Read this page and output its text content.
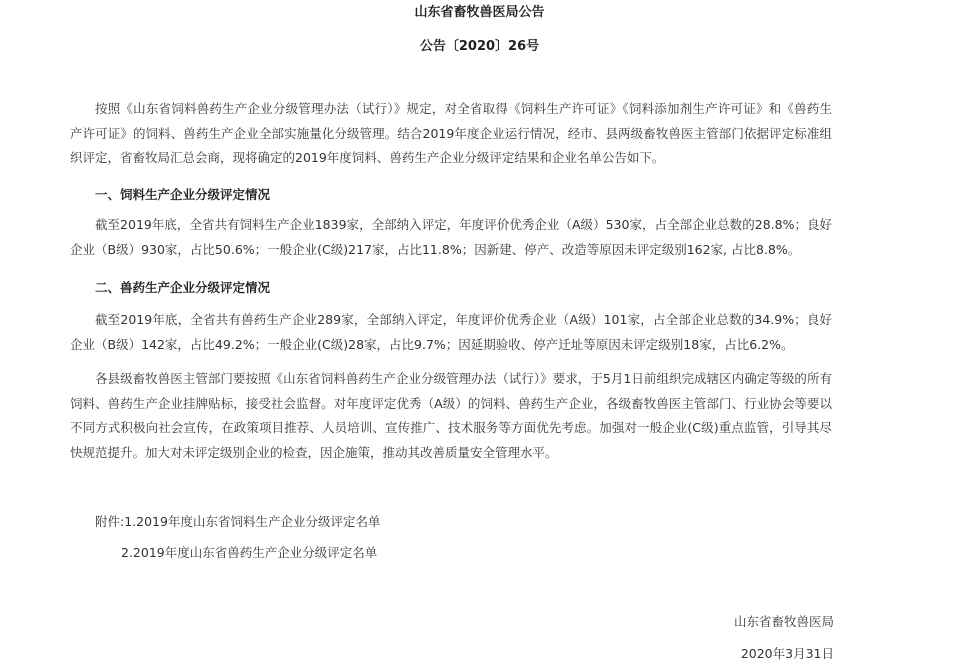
山东省畜牧兽医局公告
公告〔2020〕26号

按照《山东省饲料兽药生产企业分级管理办法（试行）》规定，对全省取得《饲料生产许可证》《饲料添加剂生产许可证》和《兽药生产许可证》的饲料、兽药生产企业全部实施量化分级管理。结合2019年度企业运行情况，经市、县两级畜牧兽医主管部门依据评定标准组织评定，省畜牧局汇总会商，现将确定的2019年度饲料、兽药生产企业分级评定结果和企业名单公告如下。

一、饲料生产企业分级评定情况

截至2019年底，全省共有饲料生产企业1839家，全部纳入评定，年度评价优秀企业（A级）530家，占全部企业总数的28.8%；良好企业（B级）930家，占比50.6%；一般企业(C级)217家，占比11.8%；因新建、停产、改造等原因未评定级别162家, 占比8.8%。

二、兽药生产企业分级评定情况

截至2019年底，全省共有兽药生产企业289家，全部纳入评定，年度评价优秀企业（A级）101家，占全部企业总数的34.9%；良好企业（B级）142家，占比49.2%；一般企业(C级)28家，占比9.7%；因延期验收、停产迁址等原因未评定级别18家，占比6.2%。

各县级畜牧兽医主管部门要按照《山东省饲料兽药生产企业分级管理办法（试行）》要求，于5月1日前组织完成辖区内确定等级的所有饲料、兽药生产企业挂牌贴标，接受社会监督。对年度评定优秀（A级）的饲料、兽药生产企业，各级畜牧兽医主管部门、行业协会等要以不同方式积极向社会宣传，在政策项目推荐、人员培训、宣传推广、技术服务等方面优先考虑。加强对一般企业(C级)重点监管，引导其尽快规范提升。加大对未评定级别企业的检查，因企施策，推动其改善质量安全管理水平。

附件:1.2019年度山东省饲料生产企业分级评定名单
2.2019年度山东省兽药生产企业分级评定名单
山东省畜牧兽医局
2020年3月31日
